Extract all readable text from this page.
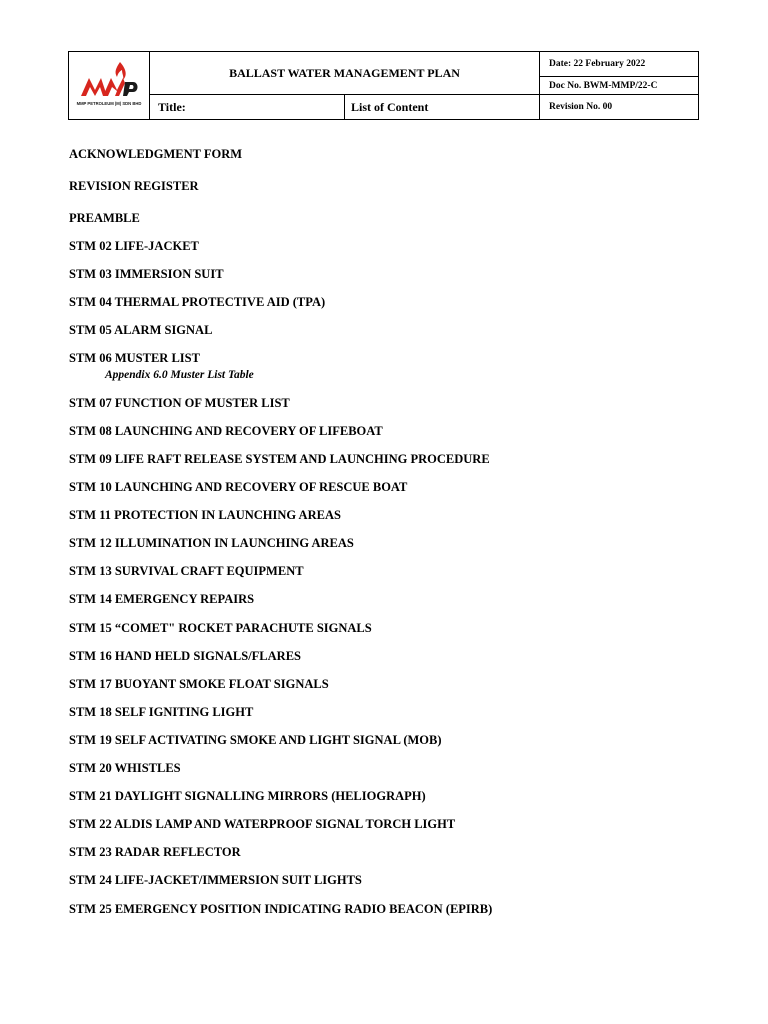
MMP PETROLEUM (M) SDN BHD	BALLAST WATER MANAGEMENT PLAN		Date: 22 February 2022
			Doc No. BWM-MMP/22-C
	Title:	List of Content	Revision No. 00
ACKNOWLEDGMENT FORM
REVISION REGISTER
PREAMBLE
STM 02 LIFE-JACKET
STM 03 IMMERSION SUIT
STM 04 THERMAL PROTECTIVE AID (TPA)
STM 05 ALARM SIGNAL
STM 06 MUSTER LIST
Appendix 6.0 Muster List Table
STM 07 FUNCTION OF MUSTER LIST
STM 08 LAUNCHING AND RECOVERY OF LIFEBOAT
STM 09 LIFE RAFT RELEASE SYSTEM AND LAUNCHING PROCEDURE
STM 10 LAUNCHING AND RECOVERY OF RESCUE BOAT
STM 11 PROTECTION IN LAUNCHING AREAS
STM 12 ILLUMINATION IN LAUNCHING AREAS
STM 13 SURVIVAL CRAFT EQUIPMENT
STM 14 EMERGENCY REPAIRS
STM 15 “COMET" ROCKET PARACHUTE SIGNALS
STM 16 HAND HELD SIGNALS/FLARES
STM 17 BUOYANT SMOKE FLOAT SIGNALS
STM 18 SELF IGNITING LIGHT
STM 19 SELF ACTIVATING SMOKE AND LIGHT SIGNAL (MOB)
STM 20 WHISTLES
STM 21 DAYLIGHT SIGNALLING MIRRORS (HELIOGRAPH)
STM 22 ALDIS LAMP AND WATERPROOF SIGNAL TORCH LIGHT
STM 23 RADAR REFLECTOR
STM 24 LIFE-JACKET/IMMERSION SUIT LIGHTS
STM 25 EMERGENCY POSITION INDICATING RADIO BEACON (EPIRB)
